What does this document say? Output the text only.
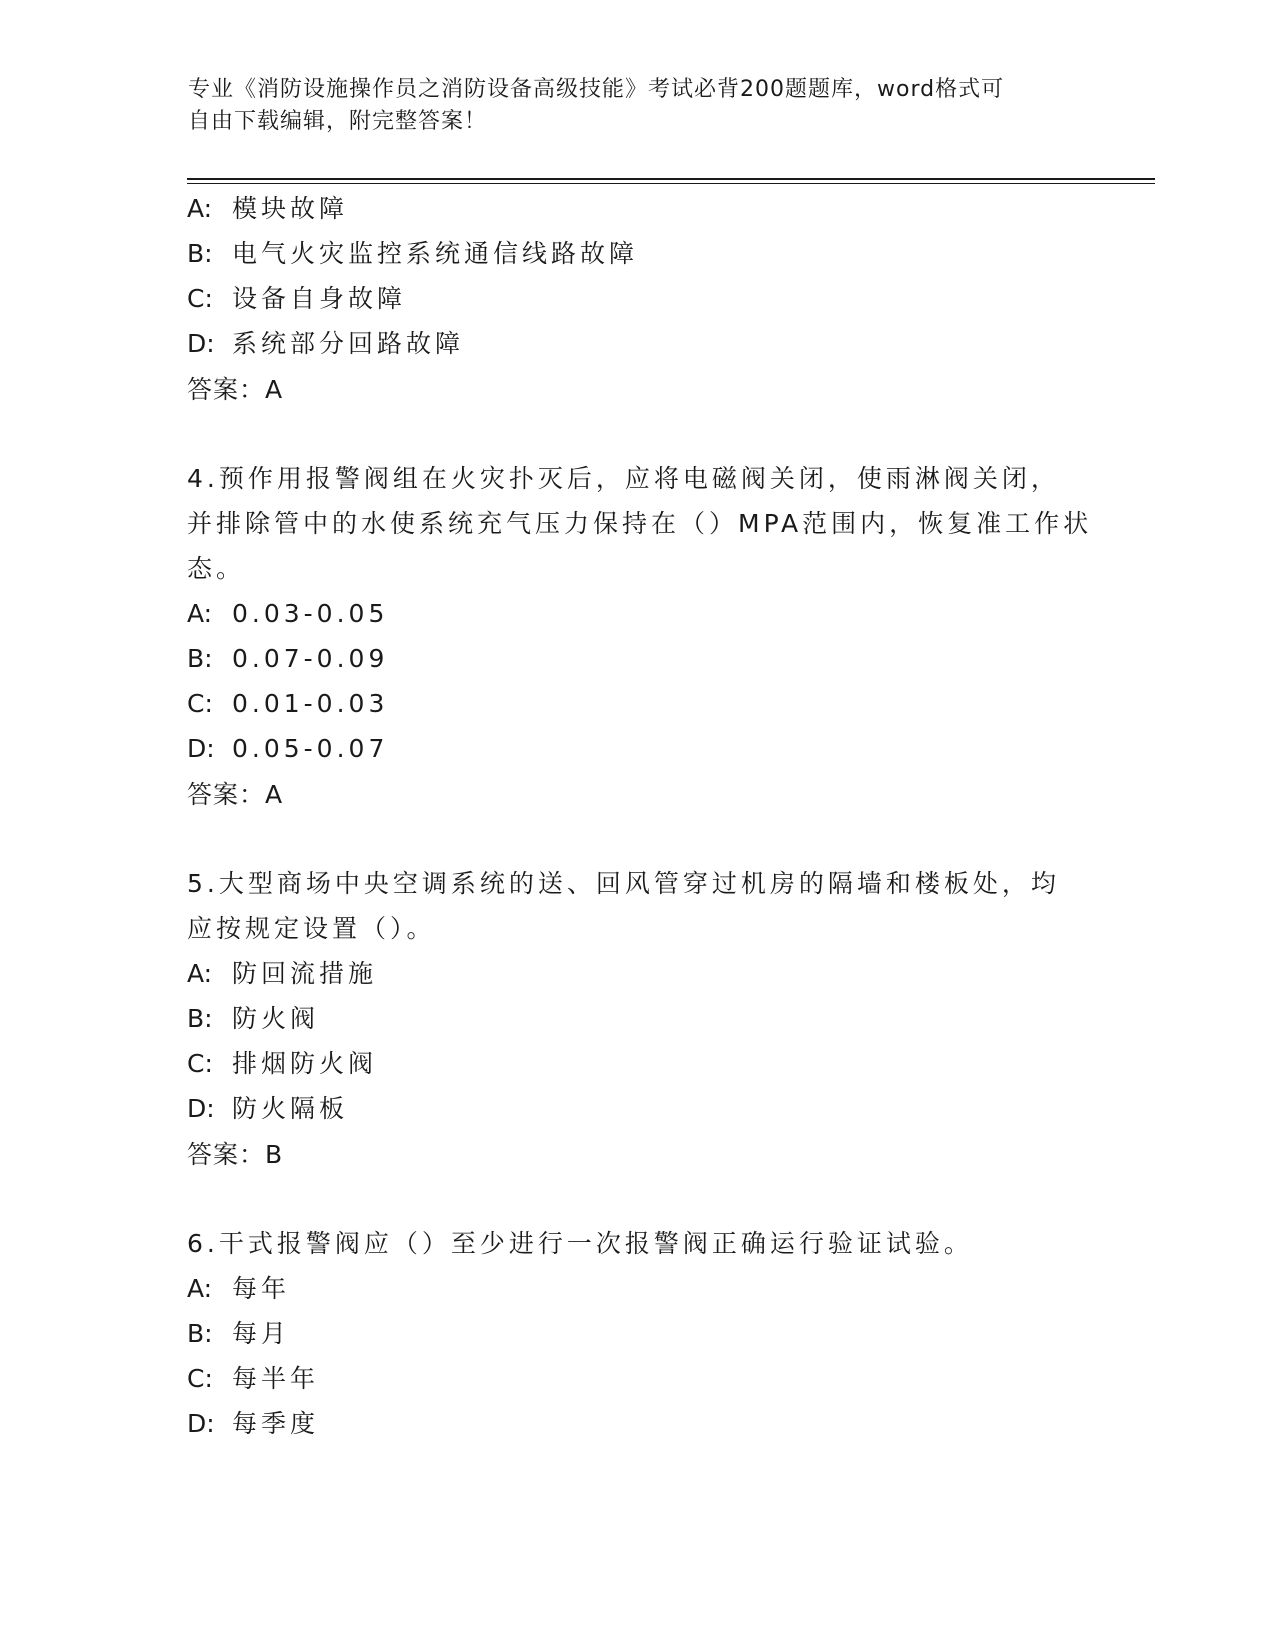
专业《消防设施操作员之消防设备高级技能》考试必背200题题库，word格式可
自由下载编辑，附完整答案！
A: 模块故障
B: 电气火灾监控系统通信线路故障
C: 设备自身故障
D: 系统部分回路故障
答案：A
4.预作用报警阀组在火灾扑灭后，应将电磁阀关闭，使雨淋阀关闭，
并排除管中的水使系统充气压力保持在（）MPA范围内，恢复准工作状
态。
A: 0.03-0.05
B: 0.07-0.09
C: 0.01-0.03
D: 0.05-0.07
答案：A
5.大型商场中央空调系统的送、回风管穿过机房的隔墙和楼板处，均
应按规定设置（）。
A: 防回流措施
B: 防火阀
C: 排烟防火阀
D: 防火隔板
答案：B
6.干式报警阀应（）至少进行一次报警阀正确运行验证试验。
A: 每年
B: 每月
C: 每半年
D: 每季度
